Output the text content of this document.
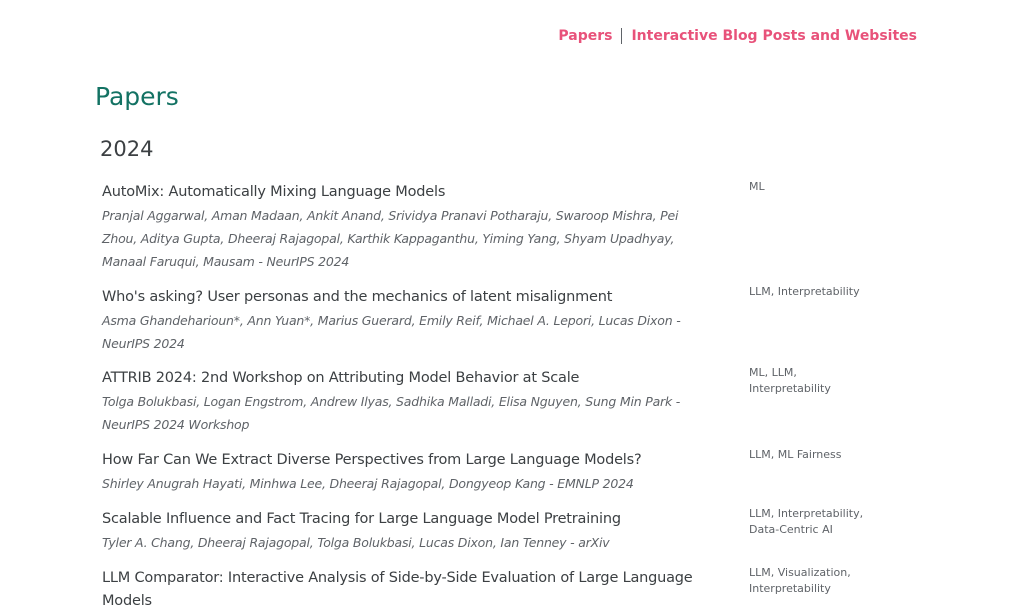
Papers Interactive Blog Posts and Websites
Papers
2024
AutoMix: Automatically Mixing Language Models
Pranjal Aggarwal, Aman Madaan, Ankit Anand, Srividya Pranavi Potharaju, Swaroop Mishra, Pei Zhou, Aditya Gupta, Dheeraj Rajagopal, Karthik Kappaganthu, Yiming Yang, Shyam Upadhyay, Manaal Faruqui, Mausam - NeurIPS 2024
ML
Who's asking? User personas and the mechanics of latent misalignment
Asma Ghandeharioun*, Ann Yuan*, Marius Guerard, Emily Reif, Michael A. Lepori, Lucas Dixon - NeurIPS 2024
LLM, Interpretability
ATTRIB 2024: 2nd Workshop on Attributing Model Behavior at Scale
Tolga Bolukbasi, Logan Engstrom, Andrew Ilyas, Sadhika Malladi, Elisa Nguyen, Sung Min Park - NeurIPS 2024 Workshop
ML, LLM, Interpretability
How Far Can We Extract Diverse Perspectives from Large Language Models?
Shirley Anugrah Hayati, Minhwa Lee, Dheeraj Rajagopal, Dongyeop Kang - EMNLP 2024
LLM, ML Fairness
Scalable Influence and Fact Tracing for Large Language Model Pretraining
Tyler A. Chang, Dheeraj Rajagopal, Tolga Bolukbasi, Lucas Dixon, Ian Tenney - arXiv
LLM, Interpretability, Data-Centric AI
LLM Comparator: Interactive Analysis of Side-by-Side Evaluation of Large Language Models
LLM, Visualization, Interpretability
